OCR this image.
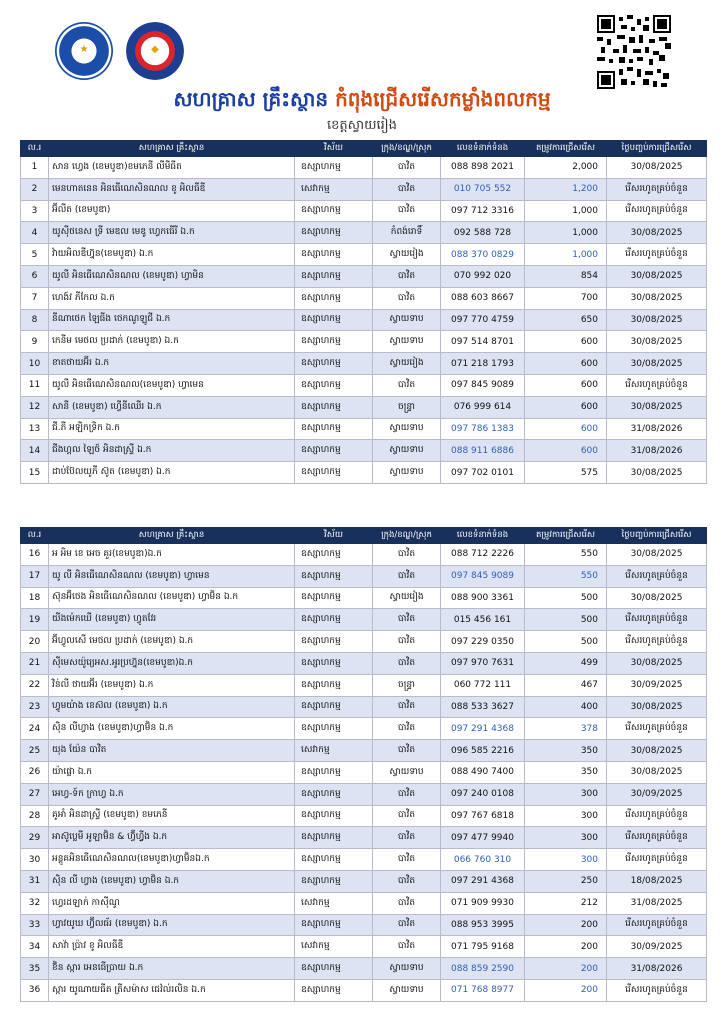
★	◆
សហគ្រាស គ្រឹះស្ថាន កំពុងជ្រើសរើសកម្លាំងពលកម្ម
ខេត្តស្វាយរៀង
ល.រ	សហគ្រាស គ្រឹះស្ថាន	វិស័យ	ក្រុង/ខណ្ឌ/ស្រុក	លេខទំនាក់ទំនង	តម្រូវការជ្រើសរើស	ថ្ងៃបញ្ចប់ការជ្រើសរើស
1	សាន ហ្វេង (ខេមបូឌា)ខមភេនី លីមីធីត	ឧស្សាហកម្ម	បាវិត	088 898 2021	2,000	30/08/2025
2	មេនហាតនេន អិនធើណេសិនណល ខូ អិលធីឌី	សេវាកម្ម	បាវិត	010 705 552	1,200	រើសរហូតគ្រប់ចំនួន
3	អ៊ីលីត (ខេមបូឌា)	ឧស្សាហកម្ម	បាវិត	097 712 3316	1,000	រើសរហូតគ្រប់ចំនួន
4	យូស៊ីថនេស ទ្រី មេឌល មេឌូ ហ្វេកធើរី ឯ.ក	ឧស្សាហកម្ម	កំពង់រោទិ៍	092 588 728	1,000	30/08/2025
5	វ៉ាយអិលឌីហ្វ៊ុន(ខេមបូឌា) ឯ.ក	ឧស្សាហកម្ម	ស្វាយរៀង	088 370 0829	1,000	រើសរហូតគ្រប់ចំនួន
6	យូលី អិនធើណេសិនណល (ខេមបូឌា) ហ្វាមិន	ឧស្សាហកម្ម	បាវិត	070 992 020	854	30/08/2025
7	ហេង៍វ ភីកែល ឯ.ក	ឧស្សាហកម្ម	បាវិត	088 603 8667	700	30/08/2025
8	នីណាថេក ឡៃធីង ថេកណូឡូជី ឯ.ក	ឧស្សាហកម្ម	ស្វាយទាប	097 770 4759	650	30/08/2025
9	កេនីម មេថល ប្រដាក់ (ខេមបូឌា) ឯ.ក	ឧស្សាហកម្ម	ស្វាយទាប	097 514 8701	600	30/08/2025
10	ខាតថាយអ៊ីរ ឯ.ក	ឧស្សាហកម្ម	ស្វាយរៀង	071 218 1793	600	30/08/2025
11	យូលី អិនធើណេសិនណល(ខេមបូឌា) ហ្វាមេន	ឧស្សាហកម្ម	បាវិត	097 845 9089	600	រើសរហូតគ្រប់ចំនួន
12	សានី (ខេមបូឌា) ហ្វើនីឈើរ ឯ.ក	ឧស្សាហកម្ម	ចន្ទ្រា	076 999 614	600	30/08/2025
13	ជី.ភី អឡិកទ្រិក ឯ.ក	ឧស្សាហកម្ម	ស្វាយទាប	097 786 1383	600	31/08/2026
14	ជីងហ្គល ឡៃថ៍ អិនដាស្ទ្រី ឯ.ក	ឧស្សាហកម្ម	ស្វាយទាប	088 911 6886	600	31/08/2026
15	ដាប់ប៊ែលយូភី ស៊ូត (ខេមបូឌា) ឯ.ក	ឧស្សាហកម្ម	ស្វាយទាប	097 702 0101	575	30/08/2025
ល.រ	សហគ្រាស គ្រឹះស្ថាន	វិស័យ	ក្រុង/ខណ្ឌ/ស្រុក	លេខទំនាក់ទំនង	តម្រូវការជ្រើសរើស	ថ្ងៃបញ្ចប់ការជ្រើសរើស
16	អ អិម ខេ អេច គួរ(ខេមបូឌា)ឯ.ក	ឧស្សាហកម្ម	បាវិត	088 712 2226	550	30/08/2025
17	យូ លី អិនធើណេសិនណល (ខេមបូឌា) ហ្វាមេន	ឧស្សាហកម្ម	បាវិត	097 845 9089	550	រើសរហូតគ្រប់ចំនួន
18	ស៊ុនអ៊ីថេង អិនធើណេសិនណល (ខេមបូឌា) ហ្វាម៊ិន ឯ.ក	ឧស្សាហកម្ម	ស្វាយរៀង	088 900 3361	500	30/08/2025
19	យីងម៉េកឃើ (ខេមបូឌា) ហ្វូតវែរ	ឧស្សាហកម្ម	បាវិត	015 456 161	500	រើសរហូតគ្រប់ចំនួន
20	អ៊ីហ្វូលសើ មេថល ប្រដាក់ (ខេមបូឌា) ឯ.ក	ឧស្សាហកម្ម	បាវិត	097 229 0350	500	រើសរហូតគ្រប់ចំនួន
21	ស៊ីមេសយ៉ូរ្យេអស.អូរប្រហ្វ៊ុន(ខេមបូឌា)ឯ.ក	ឧស្សាហកម្ម	បាវិត	097 970 7631	499	30/08/2025
22	វិន់លី ថាយអ៊ីរ (ខេមបូឌា) ឯ.ក	ឧស្សាហកម្ម	ចន្ទ្រា	060 772 111	467	30/09/2025
23	ហ្វូមយ៉ាង ខេស៊ល (ខេមបូឌា) ឯ.ក	ឧស្សាហកម្ម	បាវិត	088 533 3627	400	30/08/2025
24	ស៊ិន លីហ្វាង (ខេមបូឌា)ហ្វាម៊ិន ឯ.ក	ឧស្សាហកម្ម	បាវិត	097 291 4368	378	រើសរហូតគ្រប់ចំនួន
25	យុង យ៉ែន បាវិត	សេវាកម្ម	បាវិត	096 585 2216	350	30/08/2025
26	យ៉ាផ្លោ ឯ.ក	ឧស្សាហកម្ម	ស្វាយទាប	088 490 7400	350	30/08/2025
27	អេហ្វ-ទ៍ក ក្រាហ្វ ឯ.ក	ឧស្សាហកម្ម	បាវិត	097 240 0108	300	30/09/2025
28	គូអាំ អិនដាស្ទ្រី (ខេមបូឌា) ខមភេនី	ឧស្សាហកម្ម	បាវិត	097 767 6818	300	រើសរហូតគ្រប់ចំនួន
29	អាស៊ូប្លេមី អូឡាម៊ិន & ហ្វ៊ីហ្វ្វីង ឯ.ក	ឧស្សាហកម្ម	បាវិត	097 477 9940	300	រើសរហូតគ្រប់ចំនួន
30	អន្តូគអិនធើណេសិនណល(ខេមបូឌា)ហ្វាម៊ិនឯ.ក	ឧស្សាហកម្ម	បាវិត	066 760 310	300	រើសរហូតគ្រប់ចំនួន
31	ស៊ិន លី ហ្វាង (ខេមបូឌា) ហ្វាម៊ិន ឯ.ក	ឧស្សាហកម្ម	បាវិត	097 291 4368	250	18/08/2025
32	ហ្វេរដឡាក់ កាស៊ីណូ	សេវាកម្ម	បាវិត	071 909 9930	212	31/08/2025
33	ហ្វាវយូឃ ហ្វ៊ីលធ័រ (ខេមបូឌា) ឯ.ក	ឧស្សាហកម្ម	បាវិត	088 953 3995	200	រើសរហូតគ្រប់ចំនួន
34	សាវ៉ា ប្រ៉ាវ ខូ អិលធីឌី	សេវាកម្ម	បាវិត	071 795 9168	200	30/09/2025
35	ខ៊ិន ស្ការ អេនធើប្រាយ ឯ.ក	ឧស្សាហកម្ម	ស្វាយទាប	088 859 2590	200	31/08/2026
36	ស្ការ យូណាយធីត ត្រីសម៉ាស ជេវ៉ល់រលិន ឯ.ក	ឧស្សាហកម្ម	ស្វាយទាប	071 768 8977	200	រើសរហូតគ្រប់ចំនួន
